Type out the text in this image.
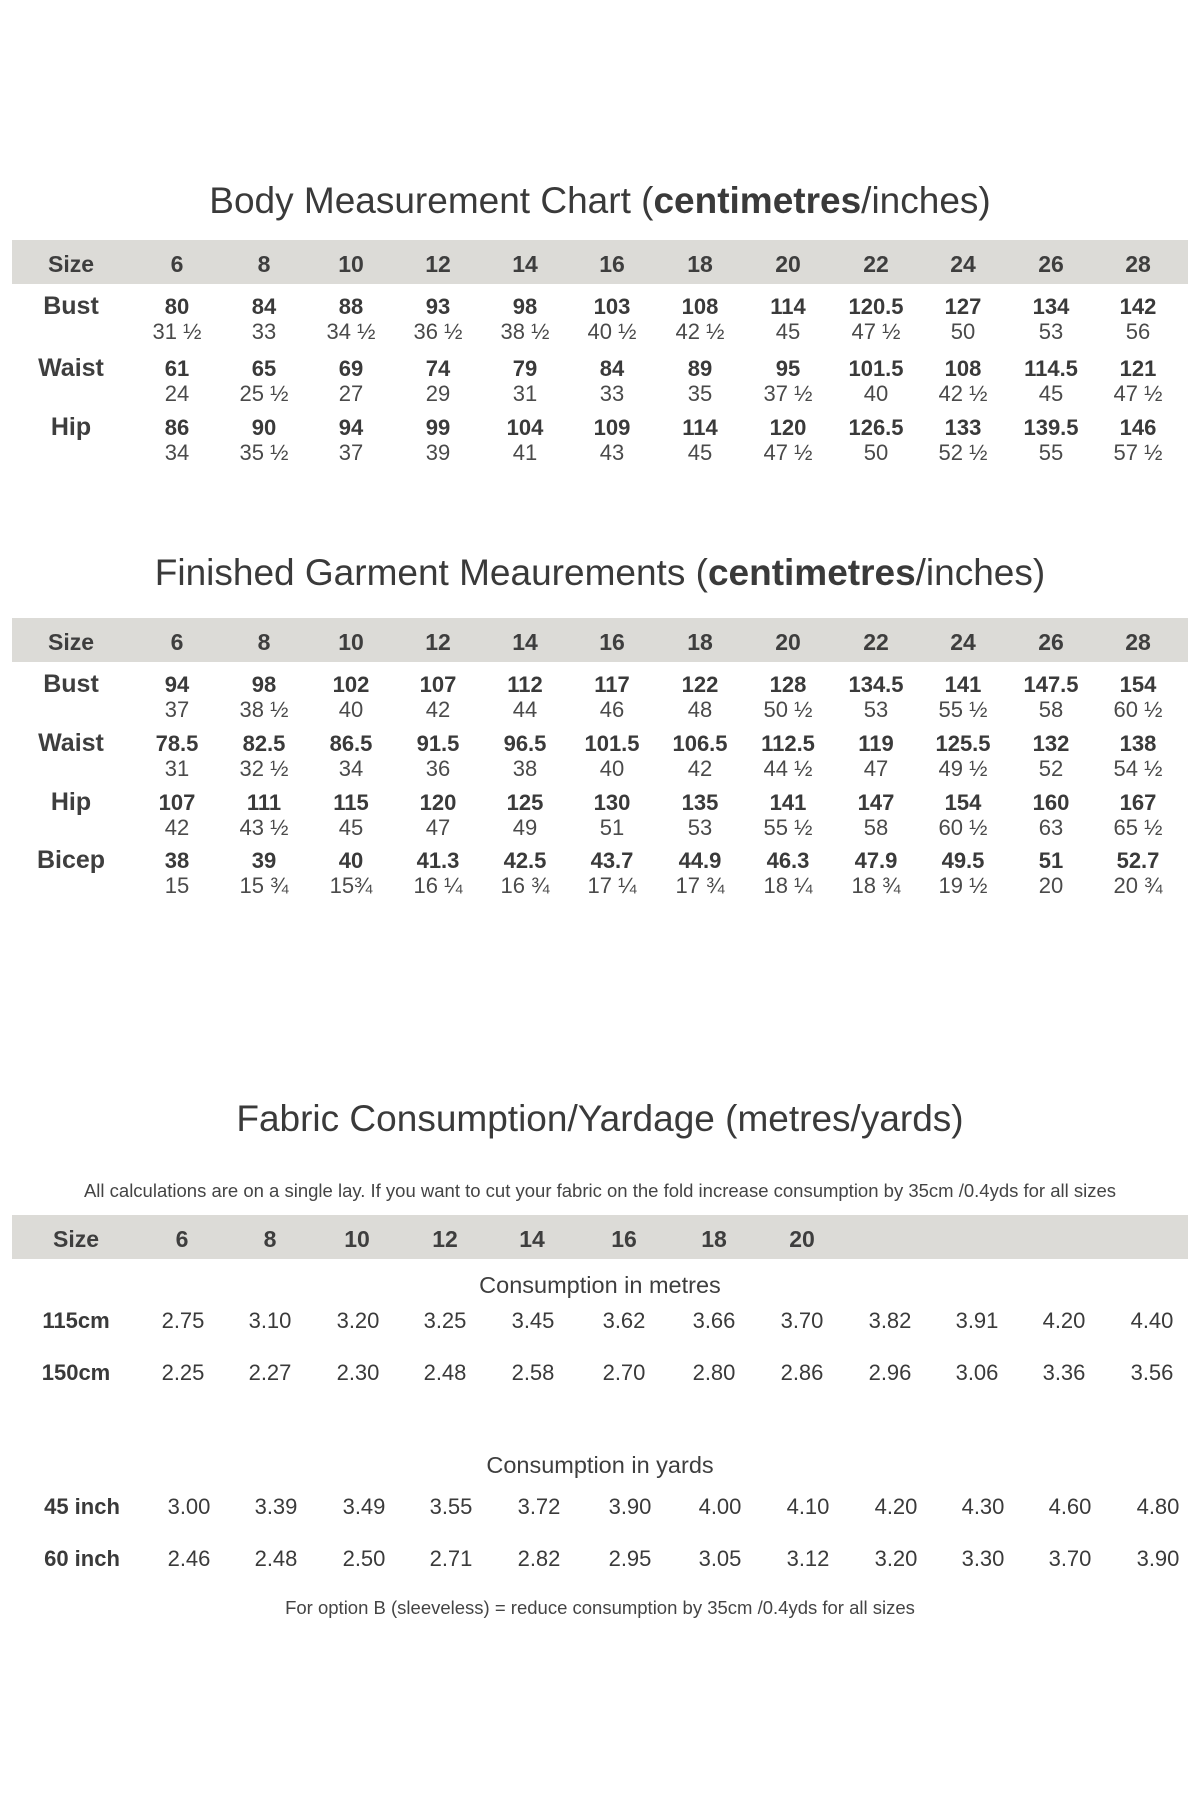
Body Measurement Chart (centimetres/inches)
Size	6	8	10	12	14	16	18	20	22	24	26	28
Bust	80	84	88	93	98	103	108	114	120.5	127	134	142
31 ½	33	34 ½	36 ½	38 ½	40 ½	42 ½	45	47 ½	50	53	56
Waist	61	65	69	74	79	84	89	95	101.5	108	114.5	121
24	25 ½	27	29	31	33	35	37 ½	40	42 ½	45	47 ½
Hip	86	90	94	99	104	109	114	120	126.5	133	139.5	146
34	35 ½	37	39	41	43	45	47 ½	50	52 ½	55	57 ½
Finished Garment Meaurements (centimetres/inches)
Size	6	8	10	12	14	16	18	20	22	24	26	28
Bust	94	98	102	107	112	117	122	128	134.5	141	147.5	154
37	38 ½	40	42	44	46	48	50 ½	53	55 ½	58	60 ½
Waist	78.5	82.5	86.5	91.5	96.5	101.5	106.5	112.5	119	125.5	132	138
31	32 ½	34	36	38	40	42	44 ½	47	49 ½	52	54 ½
Hip	107	111	115	120	125	130	135	141	147	154	160	167
42	43 ½	45	47	49	51	53	55 ½	58	60 ½	63	65 ½
Bicep	38	39	40	41.3	42.5	43.7	44.9	46.3	47.9	49.5	51	52.7
15	15 ¾	15¾	16 ¼	16 ¾	17 ¼	17 ¾	18 ¼	18 ¾	19 ½	20	20 ¾
Fabric Consumption/Yardage (metres/yards)
All calculations are on a single lay. If you want to cut your fabric on the fold increase consumption by 35cm /0.4yds for all sizes
Consumption in metres
Consumption in yards
For option B (sleeveless) = reduce consumption by 35cm /0.4yds for all sizes
Size	6	8	10	12	14	16	18	20
115cm	2.75	3.10	3.20	3.25	3.45	3.62	3.66	3.70	3.82	3.91	4.20	4.40
150cm	2.25	2.27	2.30	2.48	2.58	2.70	2.80	2.86	2.96	3.06	3.36	3.56
45 inch	3.00	3.39	3.49	3.55	3.72	3.90	4.00	4.10	4.20	4.30	4.60	4.80
60 inch	2.46	2.48	2.50	2.71	2.82	2.95	3.05	3.12	3.20	3.30	3.70	3.90
